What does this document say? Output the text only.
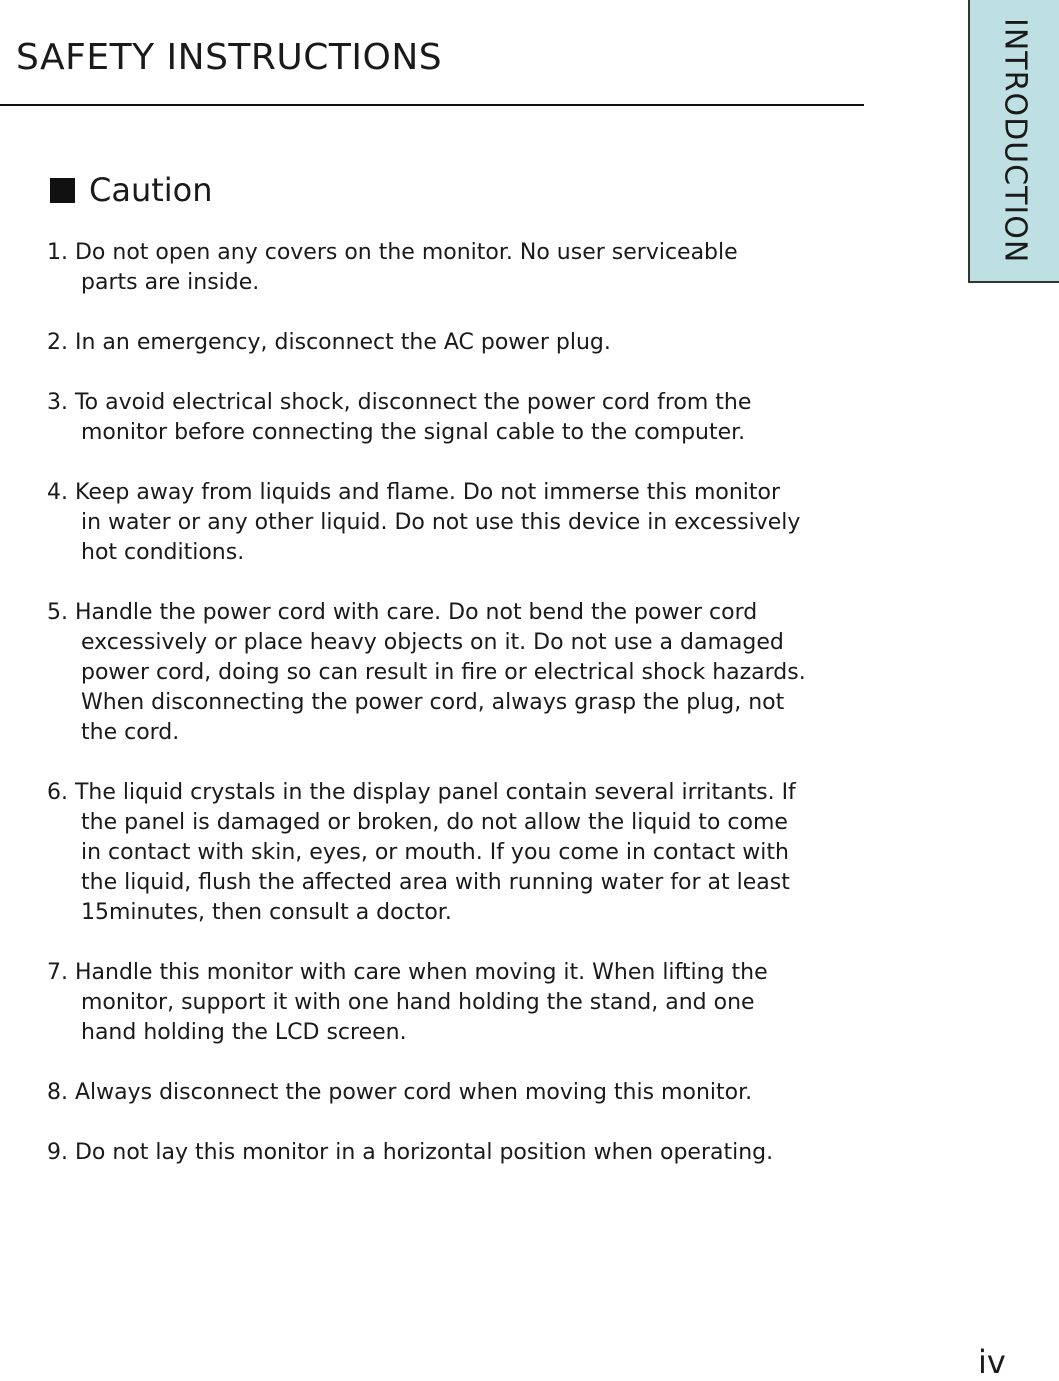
SAFETY INSTRUCTIONS	INTRODUCTION
Caution
1. Do not open any covers on the monitor. No user serviceable
parts are inside.
2. In an emergency, disconnect the AC power plug.
3. To avoid electrical shock, disconnect the power cord from the
monitor before connecting the signal cable to the computer.
4. Keep away from liquids and flame. Do not immerse this monitor
in water or any other liquid. Do not use this device in excessively
hot conditions.
5. Handle the power cord with care. Do not bend the power cord
excessively or place heavy objects on it. Do not use a damaged
power cord, doing so can result in fire or electrical shock hazards.
When disconnecting the power cord, always grasp the plug, not
the cord.
6. The liquid crystals in the display panel contain several irritants. If
the panel is damaged or broken, do not allow the liquid to come
in contact with skin, eyes, or mouth. If you come in contact with
the liquid, flush the affected area with running water for at least
15minutes, then consult a doctor.
7. Handle this monitor with care when moving it. When lifting the
monitor, support it with one hand holding the stand, and one
hand holding the LCD screen.
8. Always disconnect the power cord when moving this monitor.
9. Do not lay this monitor in a horizontal position when operating.
iv
